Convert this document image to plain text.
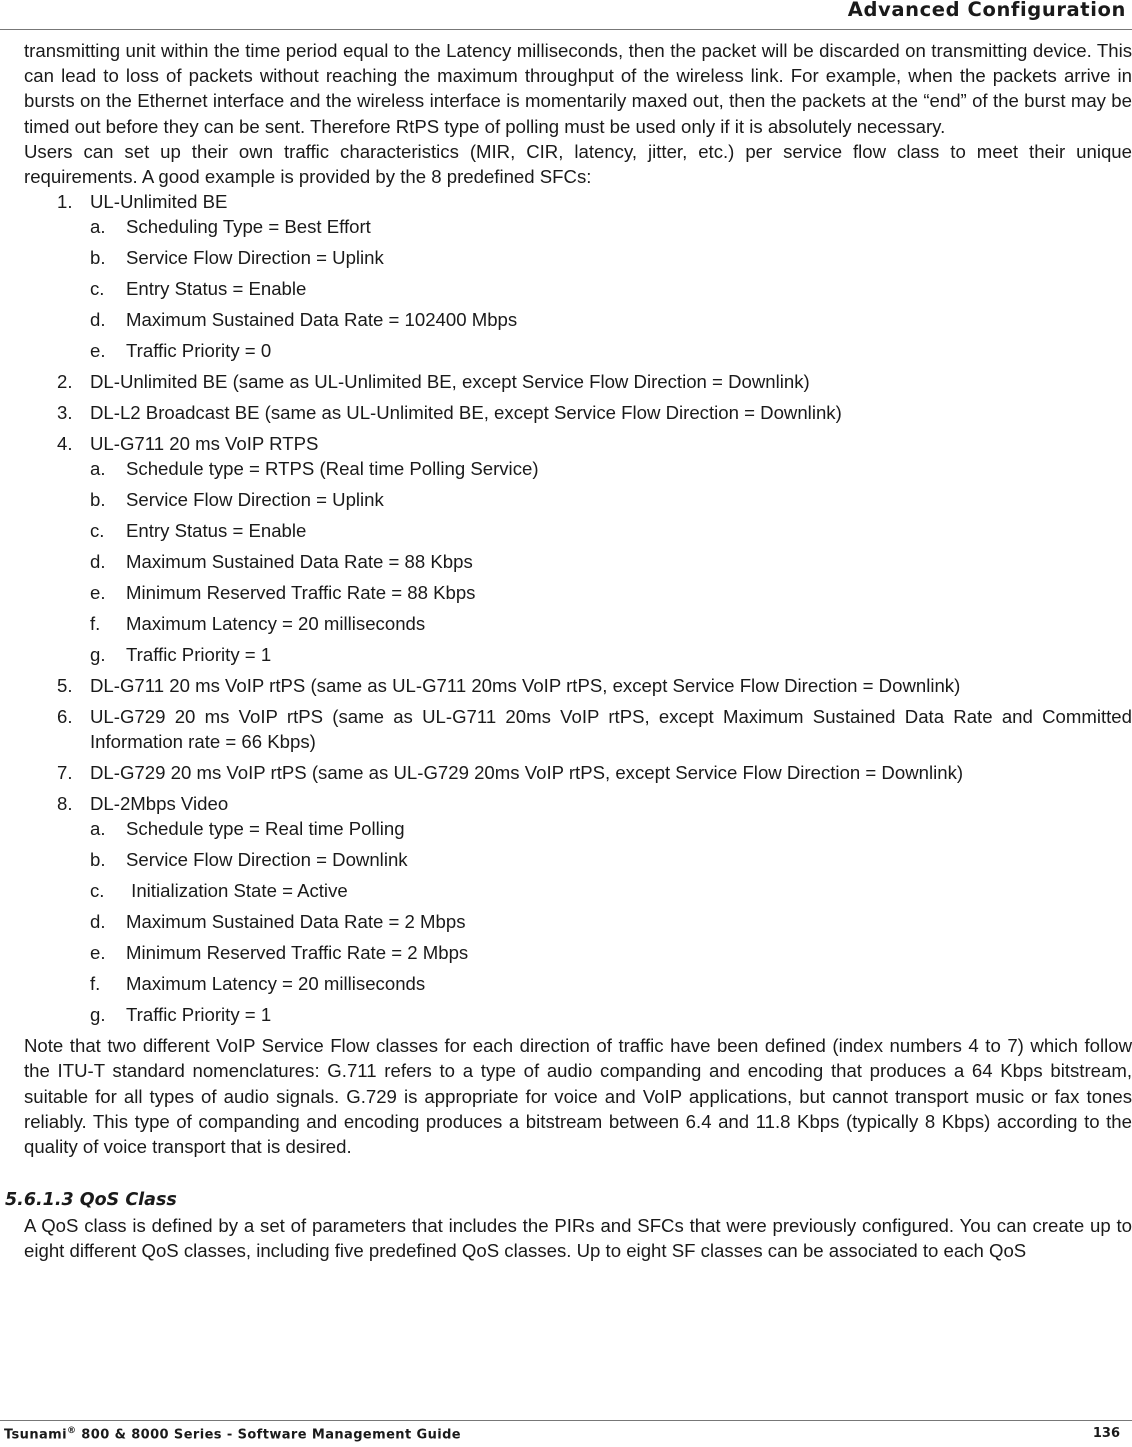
Advanced Configuration

transmitting unit within the time period equal to the Latency milliseconds, then the packet will be discarded on transmitting device. This can lead to loss of packets without reaching the maximum throughput of the wireless link. For example, when the packets arrive in bursts on the Ethernet interface and the wireless interface is momentarily maxed out, then the packets at the “end” of the burst may be timed out before they can be sent. Therefore RtPS type of polling must be used only if it is absolutely necessary.

Users can set up their own traffic characteristics (MIR, CIR, latency, jitter, etc.) per service flow class to meet their unique requirements. A good example is provided by the 8 predefined SFCs:

1. UL-Unlimited BE
a. Scheduling Type = Best Effort
b. Service Flow Direction = Uplink
c. Entry Status = Enable
d. Maximum Sustained Data Rate = 102400 Mbps
e. Traffic Priority = 0
2. DL-Unlimited BE (same as UL-Unlimited BE, except Service Flow Direction = Downlink)
3. DL-L2 Broadcast BE (same as UL-Unlimited BE, except Service Flow Direction = Downlink)
4. UL-G711 20 ms VoIP RTPS
a. Schedule type = RTPS (Real time Polling Service)
b. Service Flow Direction = Uplink
c. Entry Status = Enable
d. Maximum Sustained Data Rate = 88 Kbps
e. Minimum Reserved Traffic Rate = 88 Kbps
f. Maximum Latency = 20 milliseconds
g. Traffic Priority = 1
5. DL-G711 20 ms VoIP rtPS (same as UL-G711 20ms VoIP rtPS, except Service Flow Direction = Downlink)
6. UL-G729 20 ms VoIP rtPS (same as UL-G711 20ms VoIP rtPS, except Maximum Sustained Data Rate and Committed Information rate = 66 Kbps)
7. DL-G729 20 ms VoIP rtPS (same as UL-G729 20ms VoIP rtPS, except Service Flow Direction = Downlink)
8. DL-2Mbps Video
a. Schedule type = Real time Polling
b. Service Flow Direction = Downlink
c. Initialization State = Active
d. Maximum Sustained Data Rate = 2 Mbps
e. Minimum Reserved Traffic Rate = 2 Mbps
f. Maximum Latency = 20 milliseconds
g. Traffic Priority = 1

Note that two different VoIP Service Flow classes for each direction of traffic have been defined (index numbers 4 to 7) which follow the ITU-T standard nomenclatures: G.711 refers to a type of audio companding and encoding that produces a 64 Kbps bitstream, suitable for all types of audio signals. G.729 is appropriate for voice and VoIP applications, but cannot transport music or fax tones reliably. This type of companding and encoding produces a bitstream between 6.4 and 11.8 Kbps (typically 8 Kbps) according to the quality of voice transport that is desired.

5.6.1.3 QoS Class

A QoS class is defined by a set of parameters that includes the PIRs and SFCs that were previously configured. You can create up to eight different QoS classes, including five predefined QoS classes. Up to eight SF classes can be associated to each QoS

Tsunami® 800 & 8000 Series - Software Management Guide	136
